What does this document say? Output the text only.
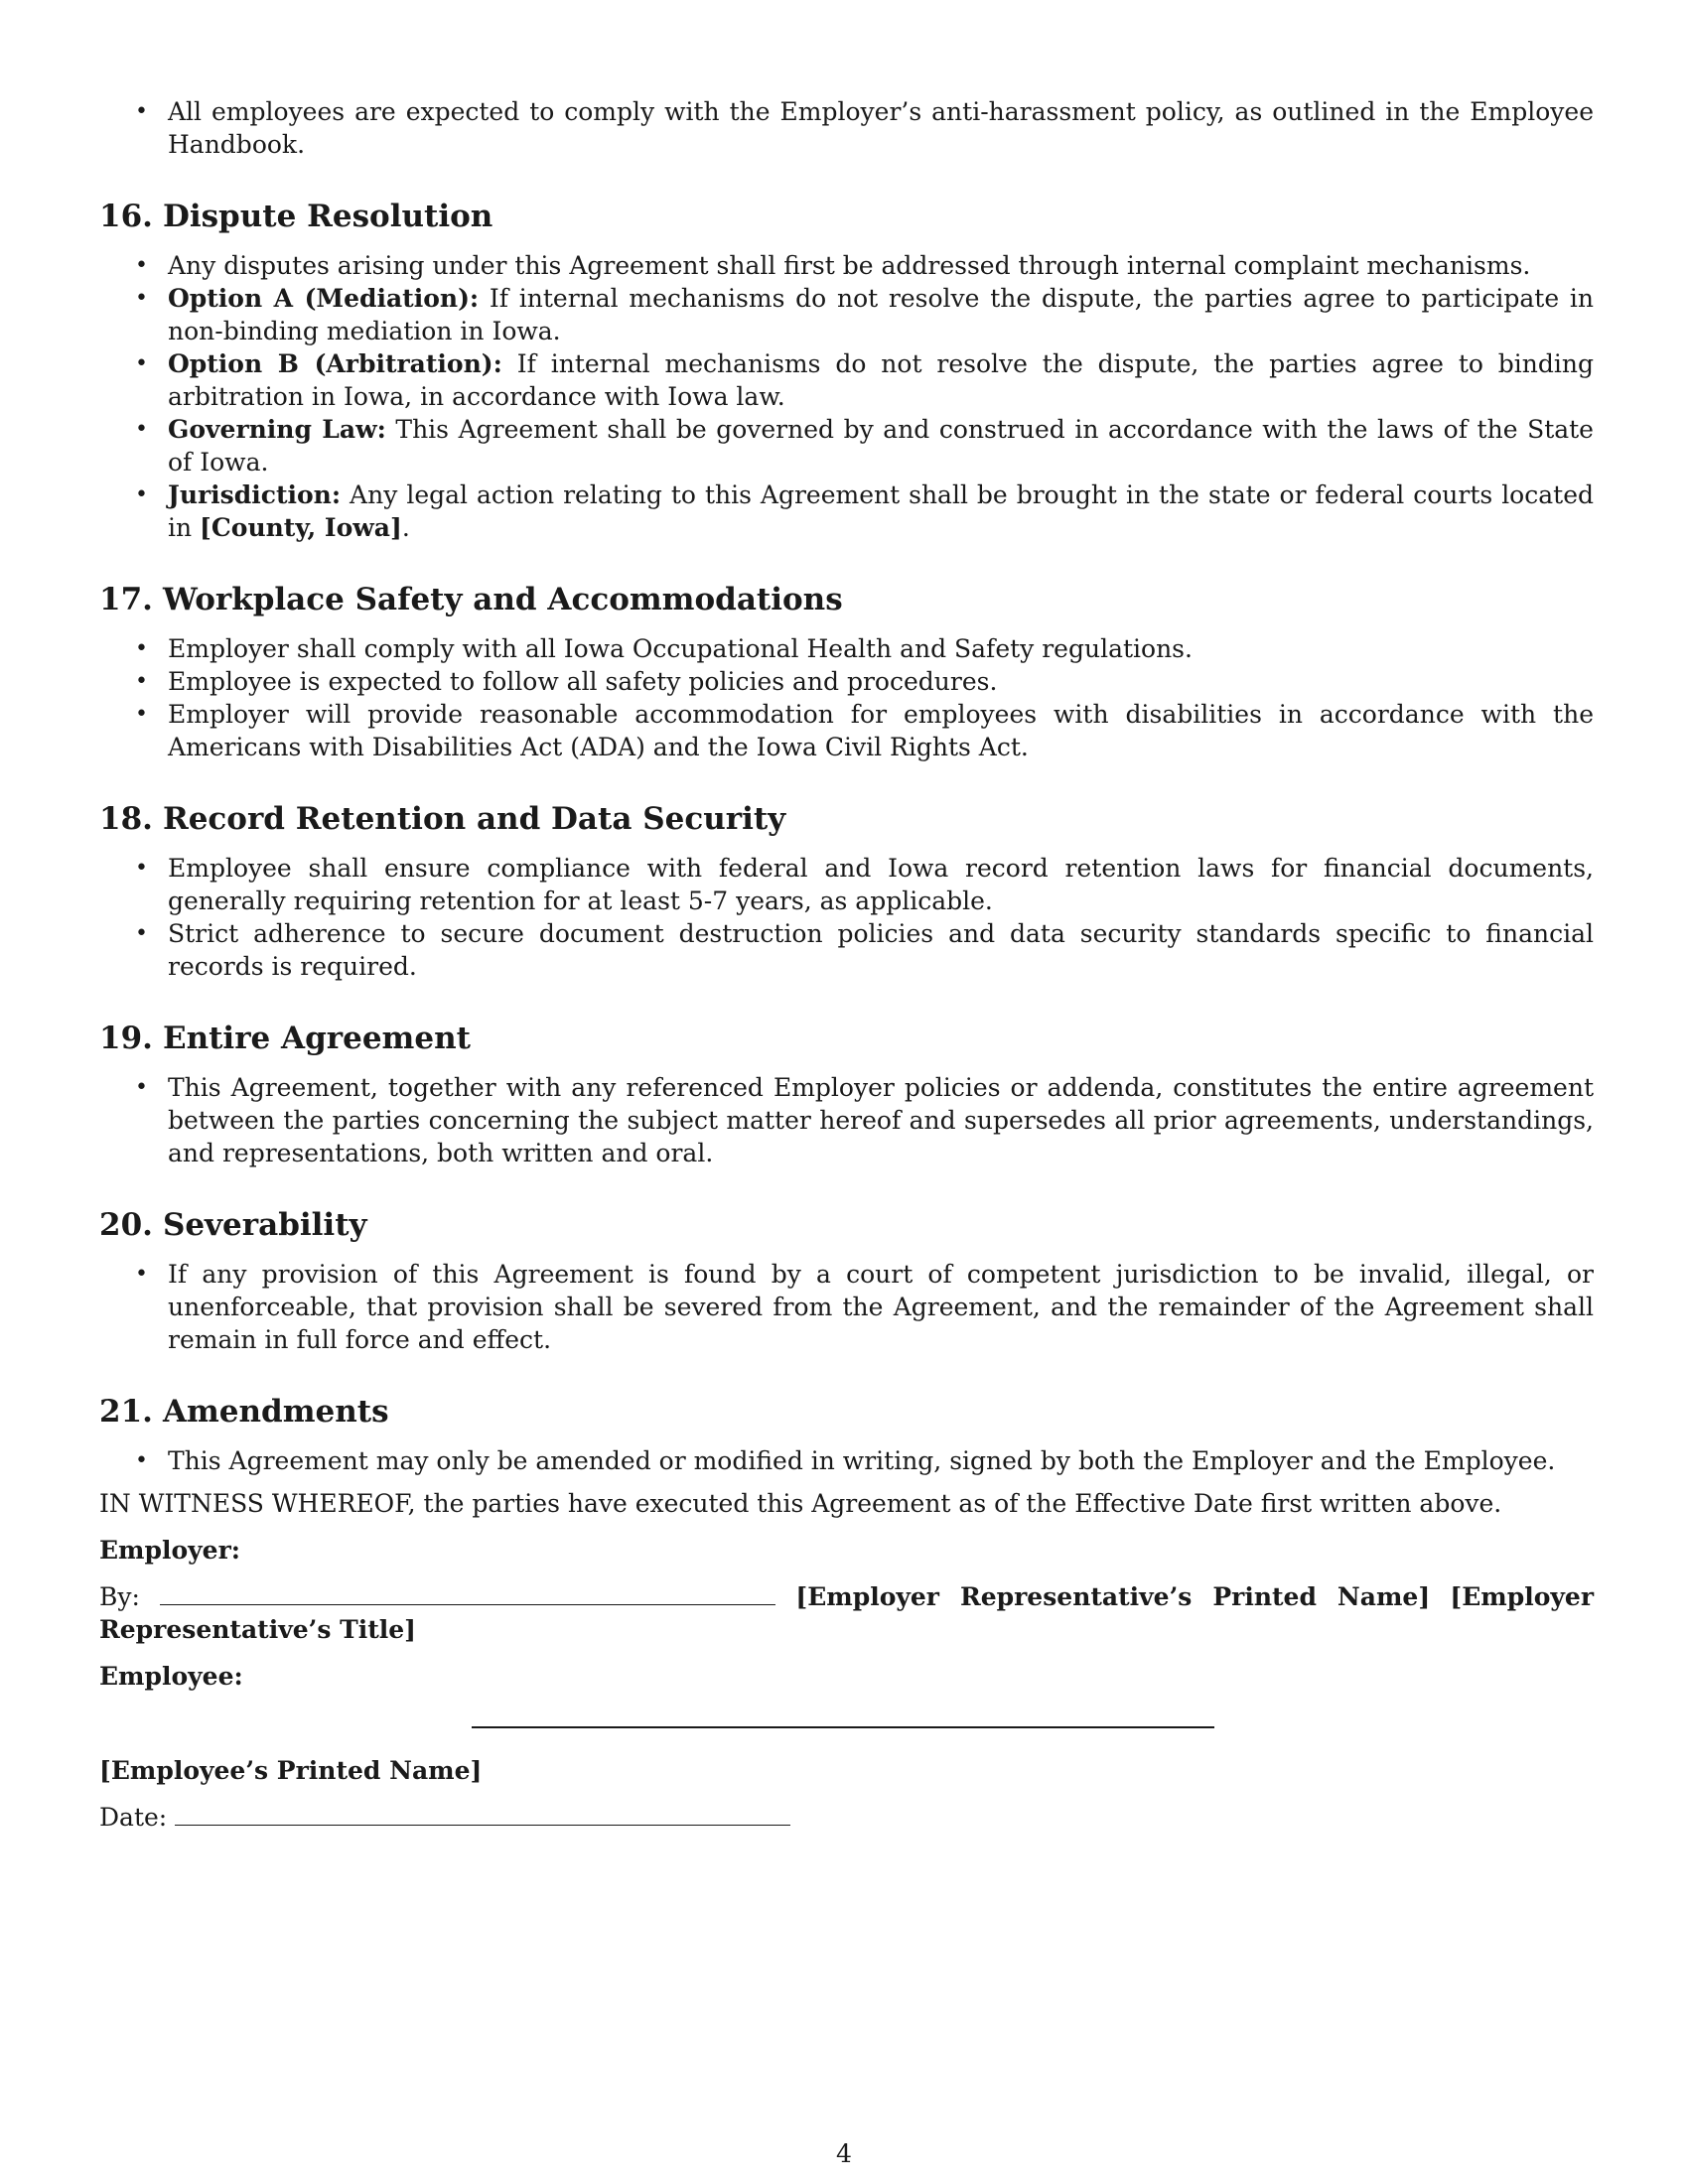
• All employees are expected to comply with the Employer’s anti-harassment policy, as outlined in the Employee Handbook.
16. Dispute Resolution
• Any disputes arising under this Agreement shall first be addressed through internal complaint mechanisms.
• Option A (Mediation): If internal mechanisms do not resolve the dispute, the parties agree to participate in non-binding mediation in Iowa.
• Option B (Arbitration): If internal mechanisms do not resolve the dispute, the parties agree to binding arbitration in Iowa, in accordance with Iowa law.
• Governing Law: This Agreement shall be governed by and construed in accordance with the laws of the State of Iowa.
• Jurisdiction: Any legal action relating to this Agreement shall be brought in the state or federal courts located in [County, Iowa].
17. Workplace Safety and Accommodations
• Employer shall comply with all Iowa Occupational Health and Safety regulations.
• Employee is expected to follow all safety policies and procedures.
• Employer will provide reasonable accommodation for employees with disabilities in accordance with the Americans with Disabilities Act (ADA) and the Iowa Civil Rights Act.
18. Record Retention and Data Security
• Employee shall ensure compliance with federal and Iowa record retention laws for financial documents, generally requiring retention for at least 5-7 years, as applicable.
• Strict adherence to secure document destruction policies and data security standards specific to financial records is required.
19. Entire Agreement
• This Agreement, together with any referenced Employer policies or addenda, constitutes the entire agreement between the parties concerning the subject matter hereof and supersedes all prior agreements, understandings, and representations, both written and oral.
20. Severability
• If any provision of this Agreement is found by a court of competent jurisdiction to be invalid, illegal, or unenforceable, that provision shall be severed from the Agreement, and the remainder of the Agreement shall remain in full force and effect.
21. Amendments
• This Agreement may only be amended or modified in writing, signed by both the Employer and the Employee.

IN WITNESS WHEREOF, the parties have executed this Agreement as of the Effective Date first written above.

Employer:

By:	[Employer Representative’s Printed Name] [Employer Representative’s Title]

Employee:

[Employee’s Printed Name]

Date:

4
